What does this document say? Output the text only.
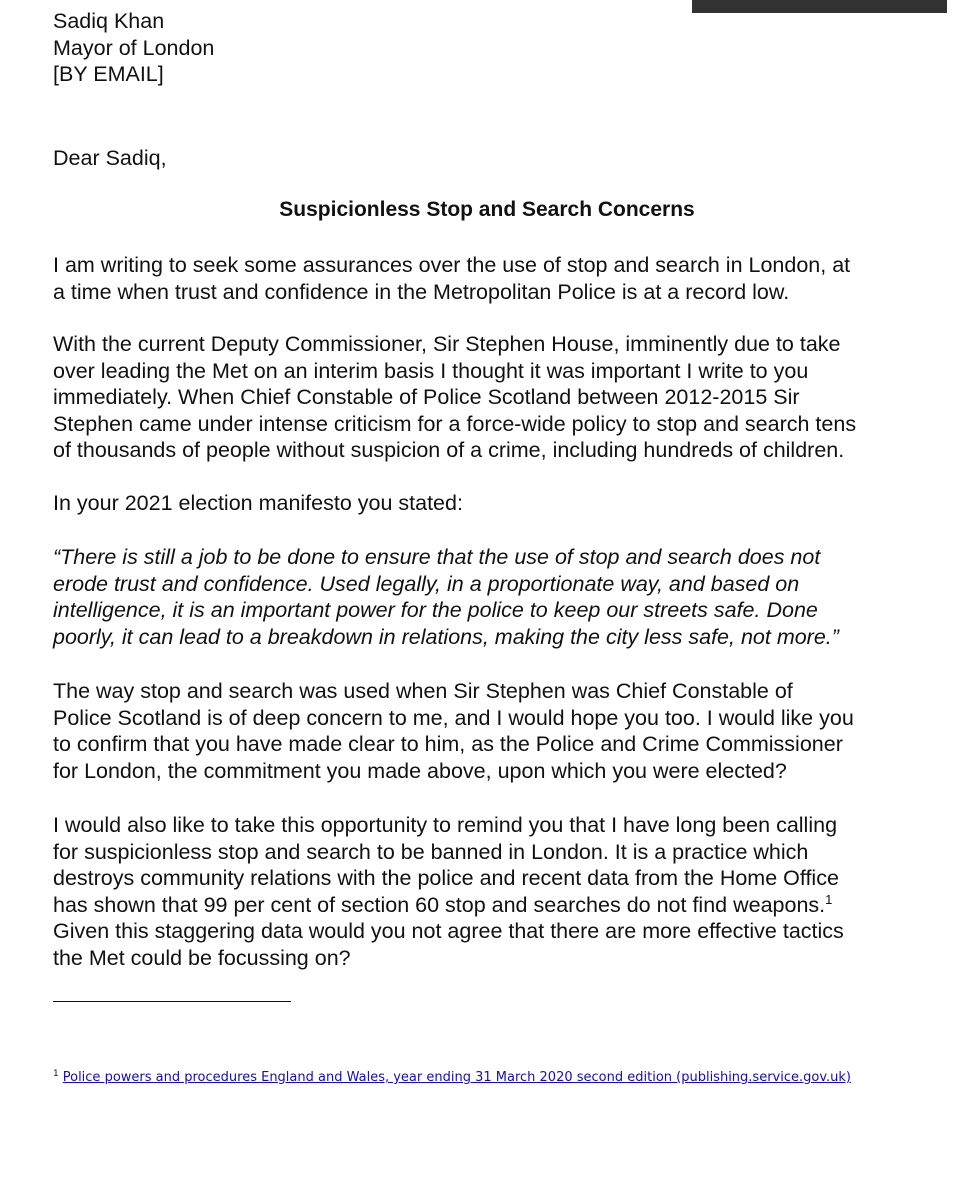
Sadiq Khan
Mayor of London
[BY EMAIL]
Dear Sadiq,
Suspicionless Stop and Search Concerns
I am writing to seek some assurances over the use of stop and search in London, at
a time when trust and confidence in the Metropolitan Police is at a record low.
With the current Deputy Commissioner, Sir Stephen House, imminently due to take
over leading the Met on an interim basis I thought it was important I write to you
immediately. When Chief Constable of Police Scotland between 2012-2015 Sir
Stephen came under intense criticism for a force-wide policy to stop and search tens
of thousands of people without suspicion of a crime, including hundreds of children.
In your 2021 election manifesto you stated:
“There is still a job to be done to ensure that the use of stop and search does not
erode trust and confidence. Used legally, in a proportionate way, and based on
intelligence, it is an important power for the police to keep our streets safe. Done
poorly, it can lead to a breakdown in relations, making the city less safe, not more.”
The way stop and search was used when Sir Stephen was Chief Constable of
Police Scotland is of deep concern to me, and I would hope you too. I would like you
to confirm that you have made clear to him, as the Police and Crime Commissioner
for London, the commitment you made above, upon which you were elected?
I would also like to take this opportunity to remind you that I have long been calling
for suspicionless stop and search to be banned in London. It is a practice which
destroys community relations with the police and recent data from the Home Office
has shown that 99 per cent of section 60 stop and searches do not find weapons.$^1$
Given this staggering data would you not agree that there are more effective tactics
the Met could be focussing on?
$^1$ Police powers and procedures England and Wales, year ending 31 March 2020 second edition (publishing.service.gov.uk)
